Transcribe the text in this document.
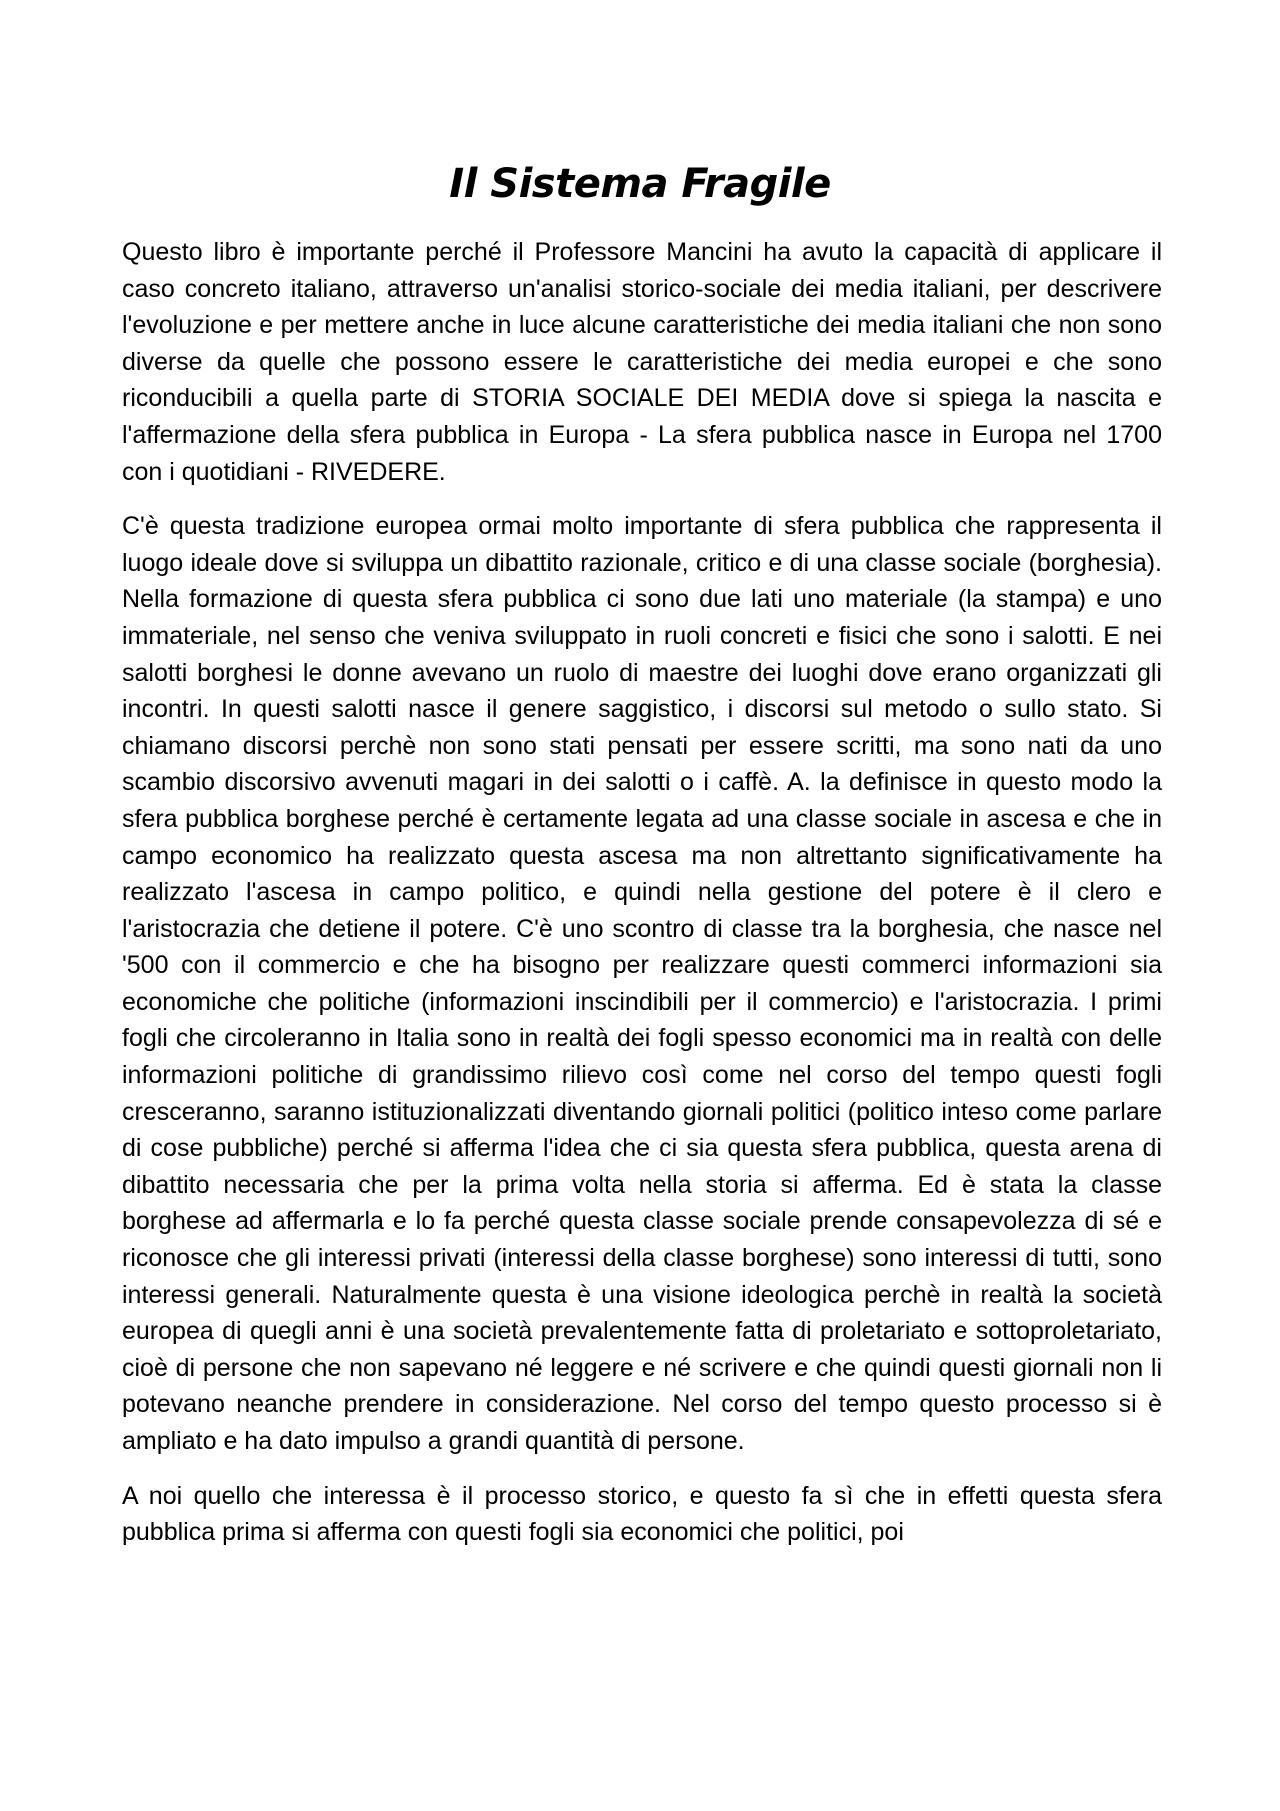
Il Sistema Fragile

Questo libro è importante perché il Professore Mancini ha avuto la capacità di applicare il caso concreto italiano, attraverso un'analisi storico-sociale dei media italiani, per descrivere l'evoluzione e per mettere anche in luce alcune caratteristiche dei media italiani che non sono diverse da quelle che possono essere le caratteristiche dei media europei e che sono riconducibili a quella parte di STORIA SOCIALE DEI MEDIA dove si spiega la nascita e l'affermazione della sfera pubblica in Europa - La sfera pubblica nasce in Europa nel 1700 con i quotidiani - RIVEDERE.

C'è questa tradizione europea ormai molto importante di sfera pubblica che rappresenta il luogo ideale dove si sviluppa un dibattito razionale, critico e di una classe sociale (borghesia). Nella formazione di questa sfera pubblica ci sono due lati uno materiale (la stampa) e uno immateriale, nel senso che veniva sviluppato in ruoli concreti e fisici che sono i salotti. E nei salotti borghesi le donne avevano un ruolo di maestre dei luoghi dove erano organizzati gli incontri. In questi salotti nasce il genere saggistico, i discorsi sul metodo o sullo stato. Si chiamano discorsi perchè non sono stati pensati per essere scritti, ma sono nati da uno scambio discorsivo avvenuti magari in dei salotti o i caffè. A. la definisce in questo modo la sfera pubblica borghese perché è certamente legata ad una classe sociale in ascesa e che in campo economico ha realizzato questa ascesa ma non altrettanto significativamente ha realizzato l'ascesa in campo politico, e quindi nella gestione del potere è il clero e l'aristocrazia che detiene il potere. C'è uno scontro di classe tra la borghesia, che nasce nel '500 con il commercio e che ha bisogno per realizzare questi commerci informazioni sia economiche che politiche (informazioni inscindibili per il commercio) e l'aristocrazia. I primi fogli che circoleranno in Italia sono in realtà dei fogli spesso economici ma in realtà con delle informazioni politiche di grandissimo rilievo così come nel corso del tempo questi fogli cresceranno, saranno istituzionalizzati diventando giornali politici (politico inteso come parlare di cose pubbliche) perché si afferma l'idea che ci sia questa sfera pubblica, questa arena di dibattito necessaria che per la prima volta nella storia si afferma. Ed è stata la classe borghese ad affermarla e lo fa perché questa classe sociale prende consapevolezza di sé e riconosce che gli interessi privati (interessi della classe borghese) sono interessi di tutti, sono interessi generali. Naturalmente questa è una visione ideologica perchè in realtà la società europea di quegli anni è una società prevalentemente fatta di proletariato e sottoproletariato, cioè di persone che non sapevano né leggere e né scrivere e che quindi questi giornali non li potevano neanche prendere in considerazione. Nel corso del tempo questo processo si è ampliato e ha dato impulso a grandi quantità di persone.

A noi quello che interessa è il processo storico, e questo fa sì che in effetti questa sfera pubblica prima si afferma con questi fogli sia economici che politici, poi
